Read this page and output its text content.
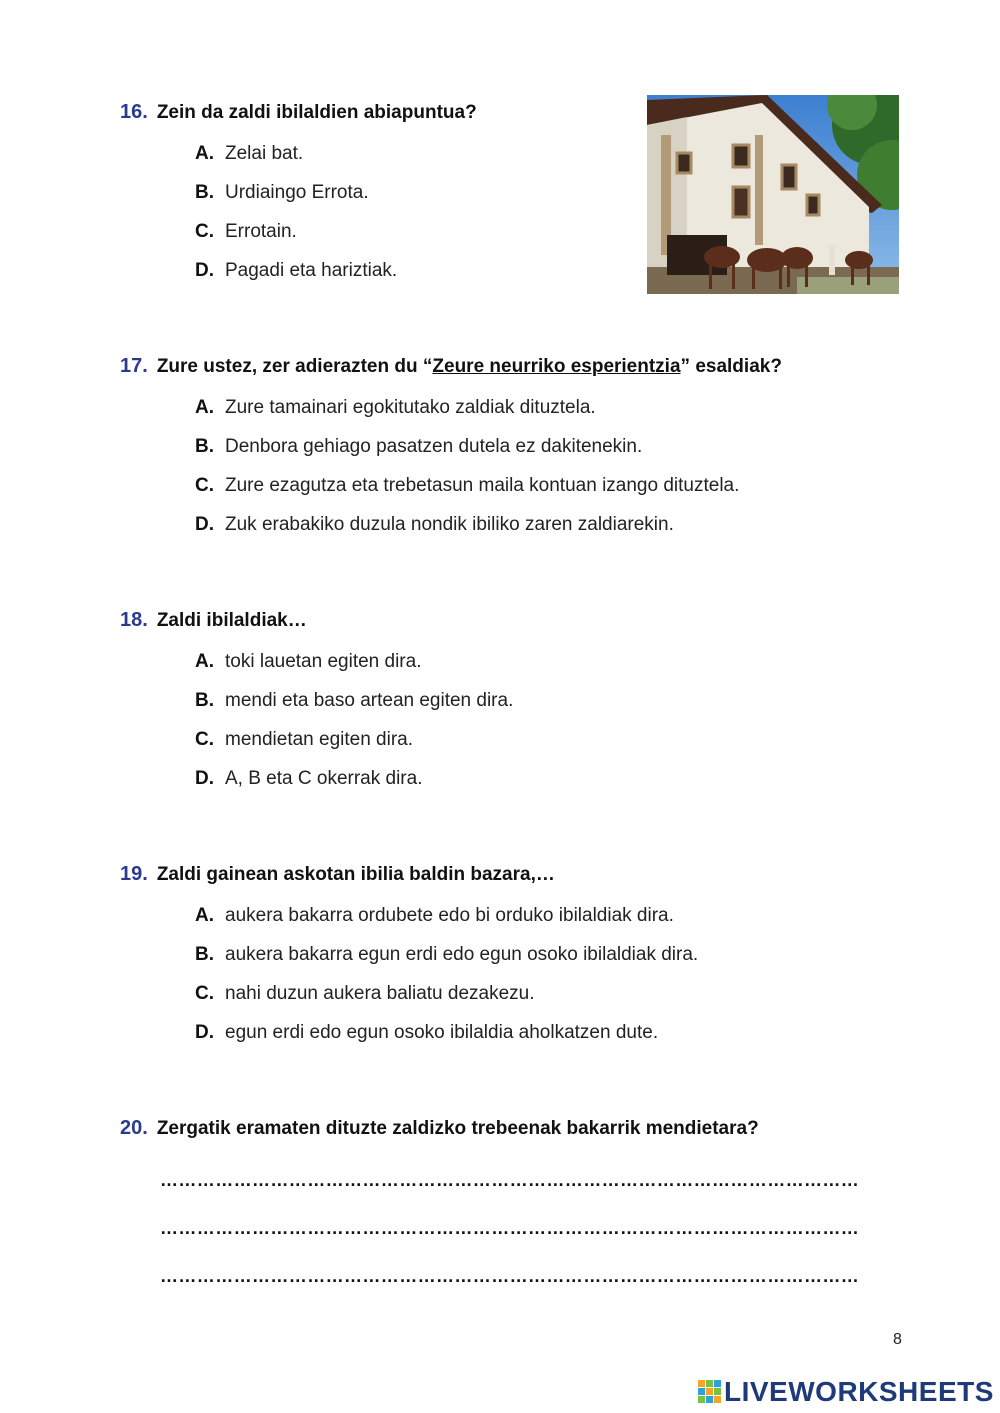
16. Zein da zaldi ibilaldien abiapuntua?
A. Zelai bat.
B. Urdiaingo Errota.
C. Errotain.
D. Pagadi eta hariztiak.
17. Zure ustez, zer adierazten du “Zeure neurriko esperientzia” esaldiak?
A. Zure tamainari egokitutako zaldiak dituztela.
B. Denbora gehiago pasatzen dutela ez dakitenekin.
C. Zure ezagutza eta trebetasun maila kontuan izango dituztela.
D. Zuk erabakiko duzula nondik ibiliko zaren zaldiarekin.
18. Zaldi ibilaldiak…
A. toki lauetan egiten dira.
B. mendi eta baso artean egiten dira.
C. mendietan egiten dira.
D. A, B eta C okerrak dira.
19. Zaldi gainean askotan ibilia baldin bazara,…
A. aukera bakarra ordubete edo bi orduko ibilaldiak dira.
B. aukera bakarra egun erdi edo egun osoko ibilaldiak dira.
C. nahi duzun aukera baliatu dezakezu.
D. egun erdi edo egun osoko ibilaldia aholkatzen dute.
20. Zergatik eramaten dituzte zaldizko trebeenak bakarrik mendietara?
……………………………………………………………………………………………………
……………………………………………………………………………………………………
……………………………………………………………………………………………………
8
LIVEWORKSHEETS
